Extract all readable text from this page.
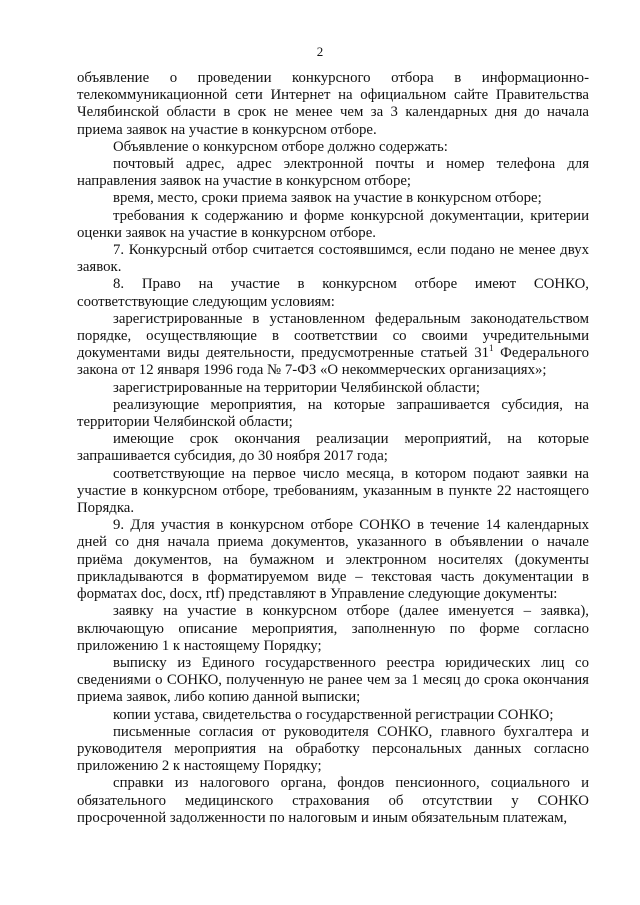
2

объявление о проведении конкурсного отбора в информационно-телекоммуникационной сети Интернет на официальном сайте Правительства Челябинской области в срок не менее чем за 3 календарных дня до начала приема заявок на участие в конкурсном отборе.

Объявление о конкурсном отборе должно содержать:

почтовый адрес, адрес электронной почты и номер телефона для направления заявок на участие в конкурсном отборе;

время, место, сроки приема заявок на участие в конкурсном отборе;

требования к содержанию и форме конкурсной документации, критерии оценки заявок на участие в конкурсном отборе.

7. Конкурсный отбор считается состоявшимся, если подано не менее двух заявок.

8. Право на участие в конкурсном отборе имеют СОНКО, соответствующие следующим условиям:

зарегистрированные в установленном федеральным законодательством порядке, осуществляющие в соответствии со своими учредительными документами виды деятельности, предусмотренные статьей $31^1$ Федерального закона от 12 января 1996 года № 7-ФЗ «О некоммерческих организациях»;

зарегистрированные на территории Челябинской области;

реализующие мероприятия, на которые запрашивается субсидия, на территории Челябинской области;

имеющие срок окончания реализации мероприятий, на которые запрашивается субсидия, до 30 ноября 2017 года;

соответствующие на первое число месяца, в котором подают заявки на участие в конкурсном отборе, требованиям, указанным в пункте 22 настоящего Порядка.

9. Для участия в конкурсном отборе СОНКО в течение 14 календарных дней со дня начала приема документов, указанного в объявлении о начале приёма документов, на бумажном и электронном носителях (документы прикладываются в форматируемом виде – текстовая часть документации в форматах doc, docx, rtf) представляют в Управление следующие документы:

заявку на участие в конкурсном отборе (далее именуется – заявка), включающую описание мероприятия, заполненную по форме согласно приложению 1 к настоящему Порядку;

выписку из Единого государственного реестра юридических лиц со сведениями о СОНКО, полученную не ранее чем за 1 месяц до срока окончания приема заявок, либо копию данной выписки;

копии устава, свидетельства о государственной регистрации СОНКО;

письменные согласия от руководителя СОНКО, главного бухгалтера и руководителя мероприятия на обработку персональных данных согласно приложению 2 к настоящему Порядку;

справки из налогового органа, фондов пенсионного, социального и обязательного медицинского страхования об отсутствии у СОНКО просроченной задолженности по налоговым и иным обязательным платежам,
